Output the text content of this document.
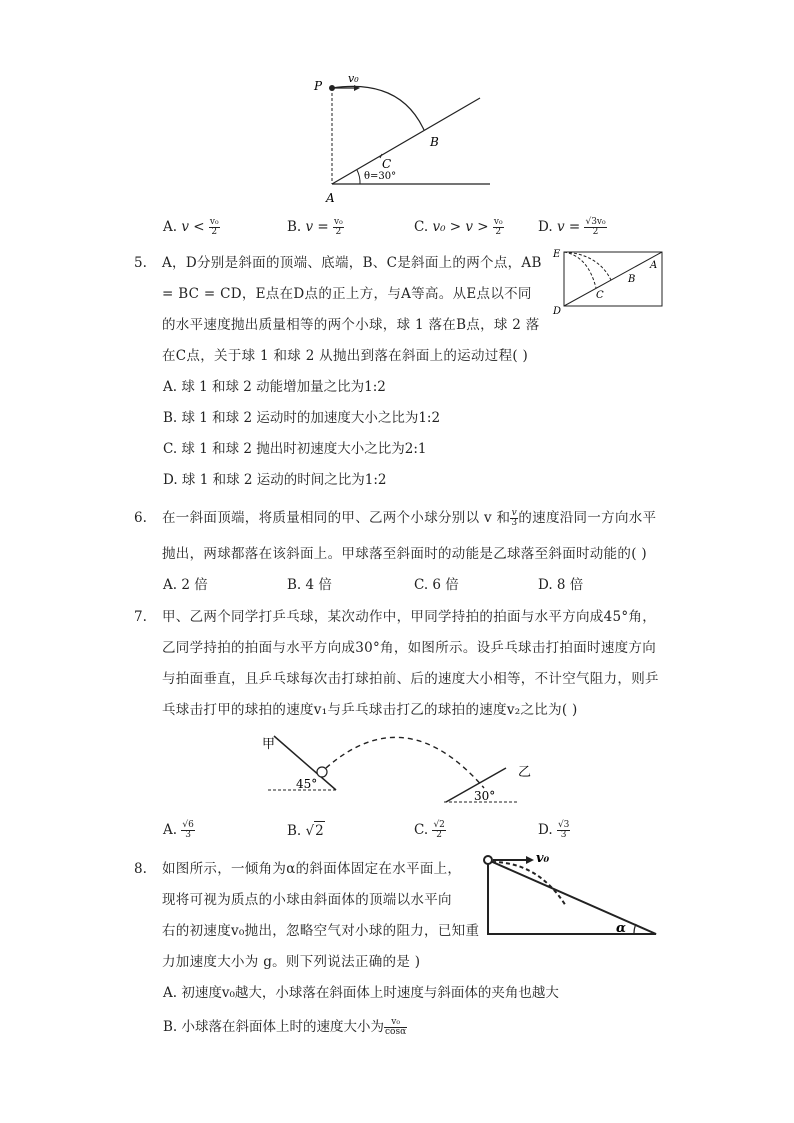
P
v₀
B
C
A
θ=30°
A. $v < \frac{\text{v₀}}{2}$	B. $v = \frac{\text{v₀}}{2}$	C. $v_0 > v > \frac{\text{v₀}}{2}$	D. $v = \frac{\text{√3v₀}}{2}$
5. A，D分别是斜面的顶端、底端，B、C是斜面上的两个点，AB
= BC = CD，E点在D点的正上方，与A等高。从E点以不同
的水平速度抛出质量相等的两个小球，球 1 落在B点，球 2 落
在C点，关于球 1 和球 2 从抛出到落在斜面上的运动过程( )
E
A
B
C
D
A. 球 1 和球 2 动能增加量之比为1:2
B. 球 1 和球 2 运动时的加速度大小之比为1:2
C. 球 1 和球 2 抛出时初速度大小之比为2:1
D. 球 1 和球 2 运动的时间之比为1:2
6. 在一斜面顶端，将质量相同的甲、乙两个小球分别以 v 和 $\frac{v}{3}$ 的速度沿同一方向水平
抛出，两球都落在该斜面上。甲球落至斜面时的动能是乙球落至斜面时动能的( )
A. 2 倍	B. 4 倍	C. 6 倍	D. 8 倍
7. 甲、乙两个同学打乒乓球，某次动作中，甲同学持拍的拍面与水平方向成45°角，
乙同学持拍的拍面与水平方向成30°角，如图所示。设乒乓球击打拍面时速度方向
与拍面垂直，且乒乓球每次击打球拍前、后的速度大小相等，不计空气阻力，则乒
乓球击打甲的球拍的速度v₁与乒乓球击打乙的球拍的速度v₂之比为( )
甲
45°
乙
30°
A. $\frac{√6}{3}$	B. √2	C. $\frac{√2}{2}$	D. $\frac{√3}{3}$
8. 如图所示，一倾角为α的斜面体固定在水平面上，
现将可视为质点的小球由斜面体的顶端以水平向
右的初速度v₀抛出，忽略空气对小球的阻力，已知重
力加速度大小为 g。则下列说法正确的是 )
v₀
α
A. 初速度v₀越大，小球落在斜面体上时速度与斜面体的夹角也越大
B. 小球落在斜面体上时的速度大小为 $\frac{\text{v₀}}{\cos\alpha}$
